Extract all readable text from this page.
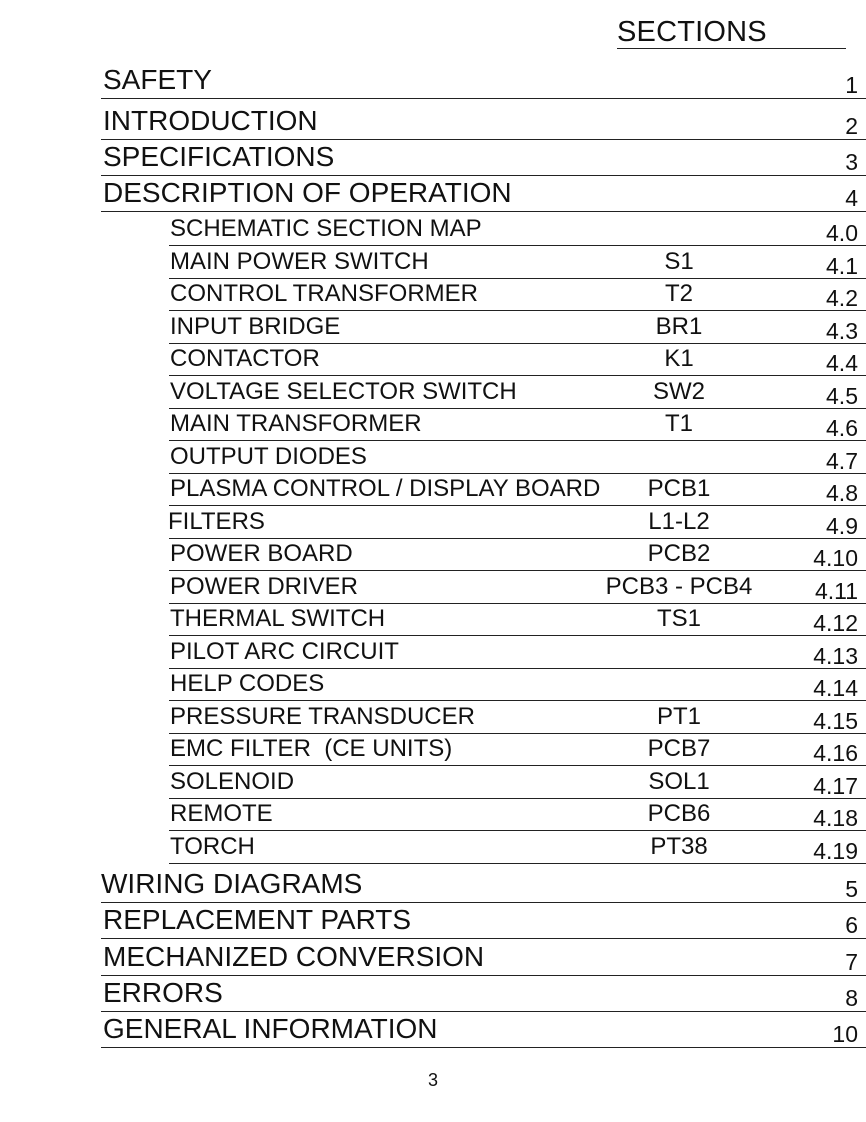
SECTIONS
SAFETY	1
INTRODUCTION	2
SPECIFICATIONS	3
DESCRIPTION OF OPERATION	4
SCHEMATIC SECTION MAP	4.0
MAIN POWER SWITCH	S1	4.1
CONTROL TRANSFORMER	T2	4.2
INPUT BRIDGE	BR1	4.3
CONTACTOR	K1	4.4
VOLTAGE SELECTOR SWITCH	SW2	4.5
MAIN TRANSFORMER	T1	4.6
OUTPUT DIODES	4.7
PLASMA CONTROL / DISPLAY BOARD	PCB1	4.8
FILTERS	L1-L2	4.9
POWER BOARD	PCB2	4.10
POWER DRIVER	PCB3 - PCB4	4.11
THERMAL SWITCH	TS1	4.12
PILOT ARC CIRCUIT	4.13
HELP CODES	4.14
PRESSURE TRANSDUCER	PT1	4.15
EMC FILTER  (CE UNITS)	PCB7	4.16
SOLENOID	SOL1	4.17
REMOTE	PCB6	4.18
TORCH	PT38	4.19
WIRING DIAGRAMS	5
REPLACEMENT PARTS	6
MECHANIZED CONVERSION	7
ERRORS	8
GENERAL INFORMATION	10
3
